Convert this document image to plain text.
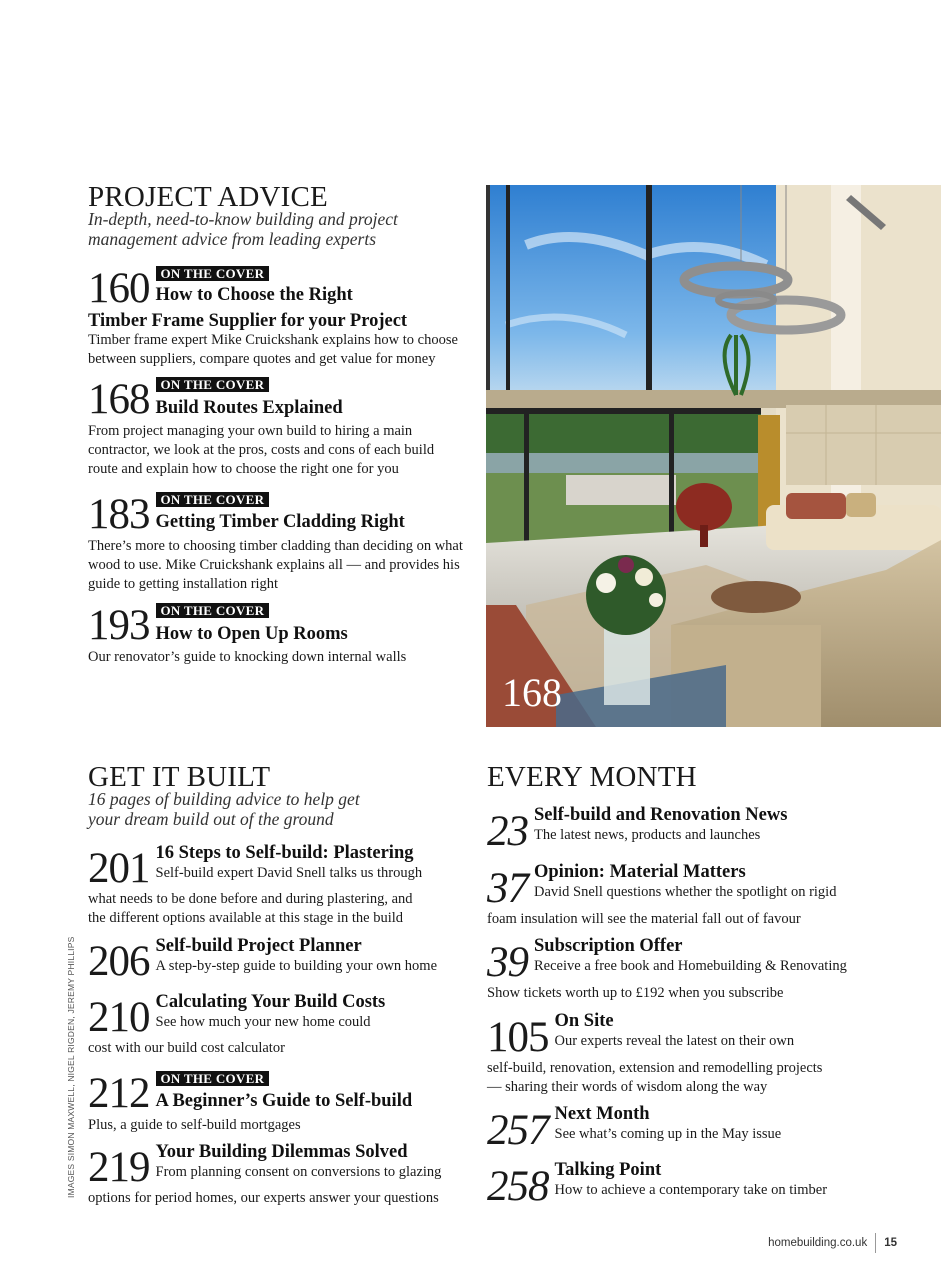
PROJECT ADVICE
In-depth, need-to-know building and project
management advice from leading experts
160 ON THE COVER
How to Choose the Right
Timber Frame Supplier for your Project
Timber frame expert Mike Cruickshank explains how to choose
between suppliers, compare quotes and get value for money
168 ON THE COVER
Build Routes Explained
From project managing your own build to hiring a main
contractor, we look at the pros, costs and cons of each build
route and explain how to choose the right one for you
183 ON THE COVER
Getting Timber Cladding Right
There’s more to choosing timber cladding than deciding on what
wood to use. Mike Cruickshank explains all — and provides his
guide to getting installation right
193 ON THE COVER
How to Open Up Rooms
Our renovator’s guide to knocking down internal walls
168
GET IT BUILT
16 pages of building advice to help get
your dream build out of the ground
201 16 Steps to Self-build: Plastering
Self-build expert David Snell talks us through
what needs to be done before and during plastering, and
the different options available at this stage in the build
206 Self-build Project Planner
A step-by-step guide to building your own home
210 Calculating Your Build Costs
See how much your new home could
cost with our build cost calculator
212 ON THE COVER
A Beginner’s Guide to Self-build
Plus, a guide to self-build mortgages
219 Your Building Dilemmas Solved
From planning consent on conversions to glazing
options for period homes, our experts answer your questions
EVERY MONTH
23 Self-build and Renovation News
The latest news, products and launches
37 Opinion: Material Matters
David Snell questions whether the spotlight on rigid
foam insulation will see the material fall out of favour
39 Subscription Offer
Receive a free book and Homebuilding & Renovating
Show tickets worth up to £192 when you subscribe
105 On Site
Our experts reveal the latest on their own
self-build, renovation, extension and remodelling projects
— sharing their words of wisdom along the way
257 Next Month
See what’s coming up in the May issue
258 Talking Point
How to achieve a contemporary take on timber
IMAGES SIMON MAXWELL, NIGEL RIGDEN, JEREMY PHILLIPS
homebuilding.co.uk 15
